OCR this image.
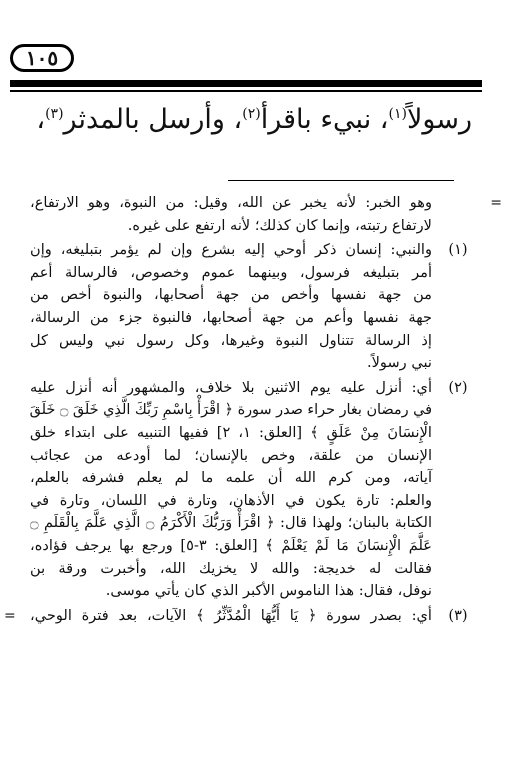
١٠٥
رسولاً$^{(١)}$، نبيء باقرأ$^{(٢)}$، وأرسل بالمدثر$^{(٣)}$،
=
وهو الخبر: لأنه يخبر عن الله، وقيل: من النبوة، وهو الارتفاع،
لارتفاع رتبته، وإنما كان كذلك؛ لأنه ارتفع على غيره.
(١)
والنبي: إنسان ذكر أوحي إليه بشرع وإن لم يؤمر بتبليغه، وإن
أمر بتبليغه فرسول، وبينهما عموم وخصوص، فالرسالة أعم
من جهة نفسها وأخص من جهة أصحابها، والنبوة أخص من
جهة نفسها وأعم من جهة أصحابها، فالنبوة جزء من الرسالة،
إذ الرسالة تتناول النبوة وغيرها، وكل رسول نبي وليس كل
نبي رسولاً.
(٢)
أي: أنزل عليه يوم الاثنين بلا خلاف، والمشهور أنه أنزل عليه
في رمضان بغار حراء صدر سورة ﴿ اقْرَأْ بِاسْمِ رَبِّكَ الَّذِي خَلَقَ ۝ خَلَقَ
الْإِنسَانَ مِنْ عَلَقٍ ﴾ [العلق: ١، ٢] ففيها التنبيه على ابتداء خلق
الإنسان من علقة، وخص بالإنسان؛ لما أودعه من عجائب
آياته، ومن كرم الله أن علمه ما لم يعلم فشرفه بالعلم،
والعلم: تارة يكون في الأذهان، وتارة في اللسان، وتارة في
الكتابة بالبنان؛ ولهذا قال: ﴿ اقْرَأْ وَرَبُّكَ الْأَكْرَمُ ۝ الَّذِي عَلَّمَ بِالْقَلَمِ ۝
عَلَّمَ الْإِنسَانَ مَا لَمْ يَعْلَمْ ﴾ [العلق: ٣-٥] ورجع بها يرجف فؤاده،
فقالت له خديجة: والله لا يخزيك الله، وأخبرت ورقة بن
نوفل، فقال: هذا الناموس الأكبر الذي كان يأتي موسى.
(٣)
= أي: بصدر سورة ﴿ يَا أَيُّهَا الْمُدَّثِّرُ ﴾ الآيات، بعد فترة الوحي،
